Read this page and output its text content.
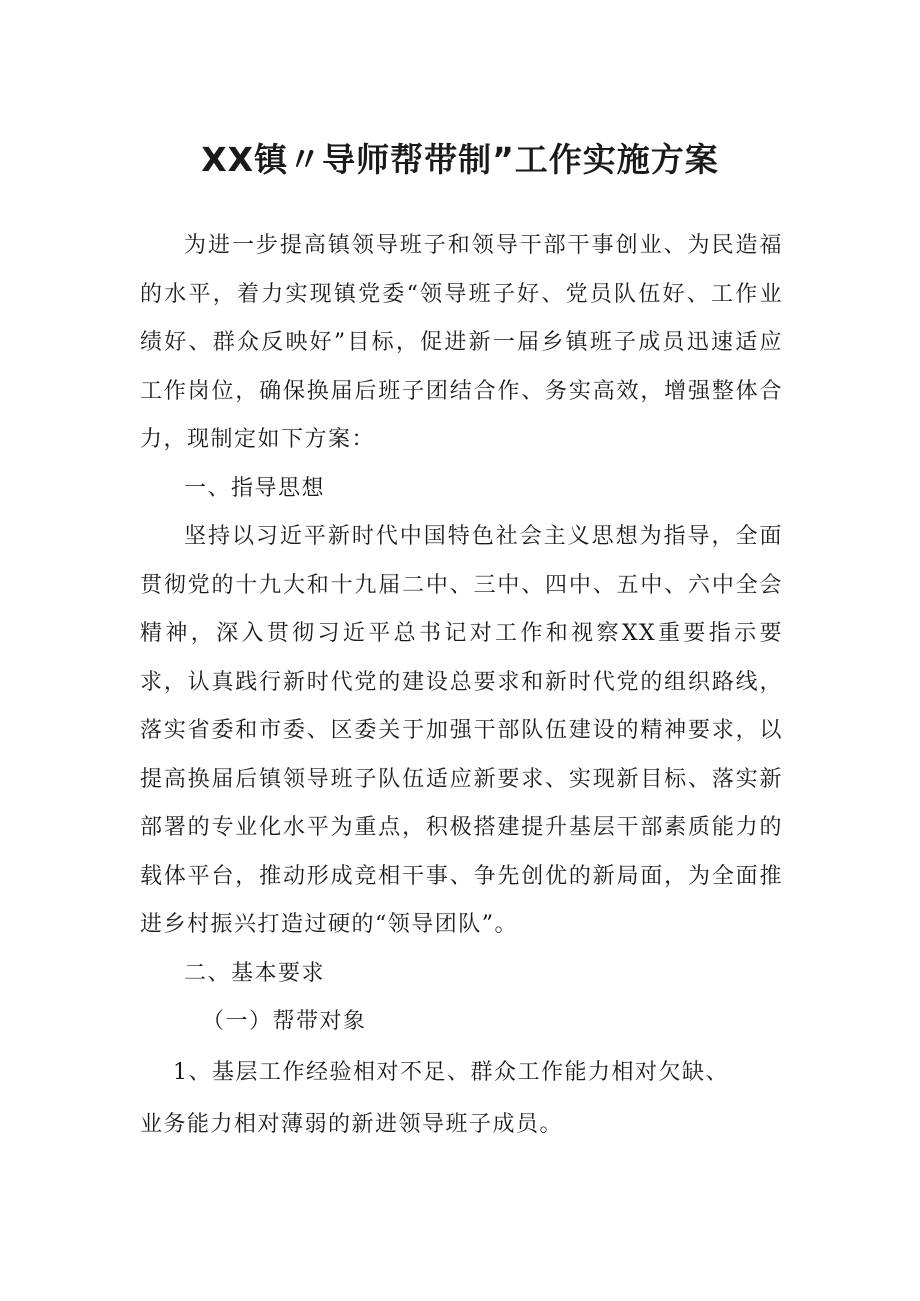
XX镇〃导师帮带制”工作实施方案

为进一步提高镇领导班子和领导干部干事创业、为民造福的水平，着力实现镇党委“领导班子好、党员队伍好、工作业绩好、群众反映好”目标，促进新一届乡镇班子成员迅速适应工作岗位，确保换届后班子团结合作、务实高效，增强整体合力，现制定如下方案：

一、指导思想

坚持以习近平新时代中国特色社会主义思想为指导，全面贯彻党的十九大和十九届二中、三中、四中、五中、六中全会精神，深入贯彻习近平总书记对工作和视察XX重要指示要求，认真践行新时代党的建设总要求和新时代党的组织路线，落实省委和市委、区委关于加强干部队伍建设的精神要求，以提高换届后镇领导班子队伍适应新要求、实现新目标、落实新部署的专业化水平为重点，积极搭建提升基层干部素质能力的载体平台，推动形成竞相干事、争先创优的新局面，为全面推进乡村振兴打造过硬的“领导团队”。

二、基本要求

（一）帮带对象

1、基层工作经验相对不足、群众工作能力相对欠缺、

业务能力相对薄弱的新进领导班子成员。
